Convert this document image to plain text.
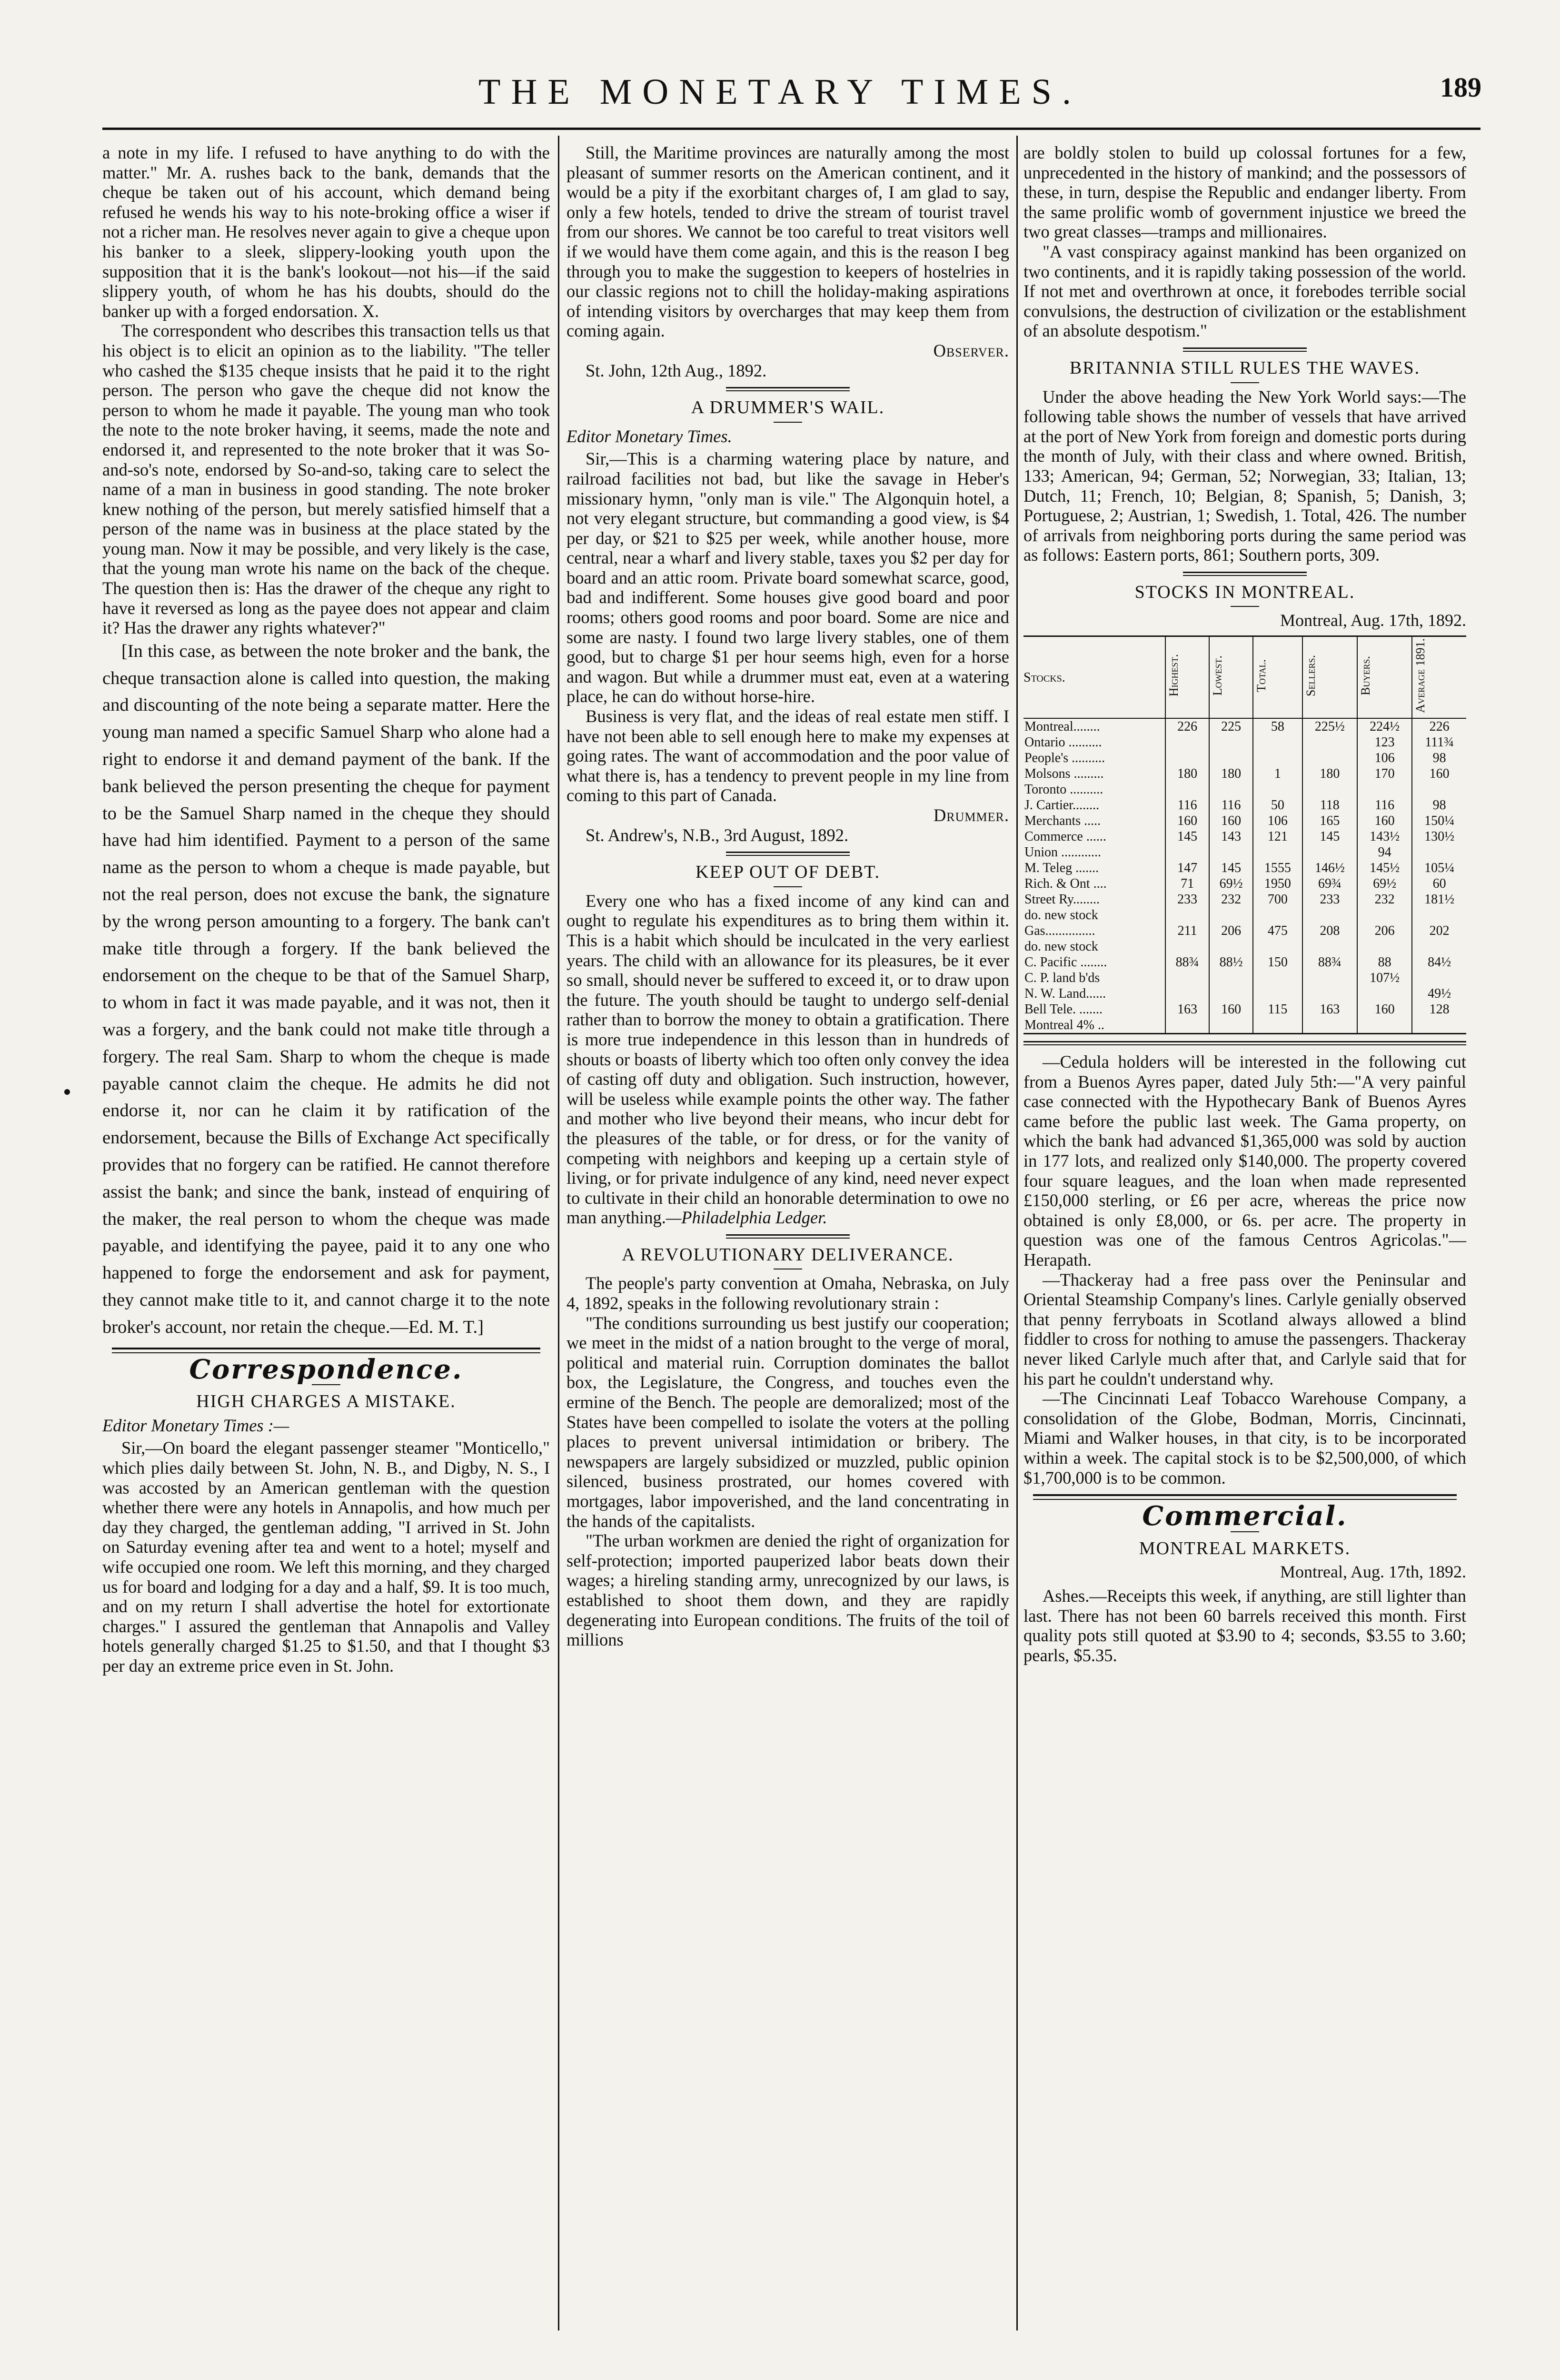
THE MONETARY TIMES.	189

a note in my life. I refused to have anything to do with the matter." Mr. A. rushes back to the bank, demands that the cheque be taken out of his account, which demand being refused he wends his way to his note-broking office a wiser if not a richer man. He resolves never again to give a cheque upon his banker to a sleek, slippery-looking youth upon the supposition that it is the bank's lookout—not his—if the said slippery youth, of whom he has his doubts, should do the banker up with a forged endorsation. X.

The correspondent who describes this transaction tells us that his object is to elicit an opinion as to the liability. "The teller who cashed the $135 cheque insists that he paid it to the right person. The person who gave the cheque did not know the person to whom he made it payable. The young man who took the note to the note broker having, it seems, made the note and endorsed it, and represented to the note broker that it was So-and-so's note, endorsed by So-and-so, taking care to select the name of a man in business in good standing. The note broker knew nothing of the person, but merely satisfied himself that a person of the name was in business at the place stated by the young man. Now it may be possible, and very likely is the case, that the young man wrote his name on the back of the cheque. The question then is: Has the drawer of the cheque any right to have it reversed as long as the payee does not appear and claim it? Has the drawer any rights whatever?"

[In this case, as between the note broker and the bank, the cheque transaction alone is called into question, the making and discounting of the note being a separate matter. Here the young man named a specific Samuel Sharp who alone had a right to endorse it and demand payment of the bank. If the bank believed the person presenting the cheque for payment to be the Samuel Sharp named in the cheque they should have had him identified. Payment to a person of the same name as the person to whom a cheque is made payable, but not the real person, does not excuse the bank, the signature by the wrong person amounting to a forgery. The bank can't make title through a forgery. If the bank believed the endorsement on the cheque to be that of the Samuel Sharp, to whom in fact it was made payable, and it was not, then it was a forgery, and the bank could not make title through a forgery. The real Sam. Sharp to whom the cheque is made payable cannot claim the cheque. He admits he did not endorse it, nor can he claim it by ratification of the endorsement, because the Bills of Exchange Act specifically provides that no forgery can be ratified. He cannot therefore assist the bank; and since the bank, instead of enquiring of the maker, the real person to whom the cheque was made payable, and identifying the payee, paid it to any one who happened to forge the endorsement and ask for payment, they cannot make title to it, and cannot charge it to the note broker's account, nor retain the cheque.—Ed. M. T.]

Correspondence.
HIGH CHARGES A MISTAKE.
Editor Monetary Times :—

Sir,—On board the elegant passenger steamer "Monticello," which plies daily between St. John, N. B., and Digby, N. S., I was accosted by an American gentleman with the question whether there were any hotels in Annapolis, and how much per day they charged, the gentleman adding, "I arrived in St. John on Saturday evening after tea and went to a hotel; myself and wife occupied one room. We left this morning, and they charged us for board and lodging for a day and a half, $9. It is too much, and on my return I shall advertise the hotel for extortionate charges." I assured the gentleman that Annapolis and Valley hotels generally charged $1.25 to $1.50, and that I thought $3 per day an extreme price even in St. John.

Still, the Maritime provinces are naturally among the most pleasant of summer resorts on the American continent, and it would be a pity if the exorbitant charges of, I am glad to say, only a few hotels, tended to drive the stream of tourist travel from our shores. We cannot be too careful to treat visitors well if we would have them come again, and this is the reason I beg through you to make the suggestion to keepers of hostelries in our classic regions not to chill the holiday-making aspirations of intending visitors by overcharges that may keep them from coming again.

Observer.

St. John, 12th Aug., 1892.

A DRUMMER'S WAIL.
Editor Monetary Times.

Sir,—This is a charming watering place by nature, and railroad facilities not bad, but like the savage in Heber's missionary hymn, "only man is vile." The Algonquin hotel, a not very elegant structure, but commanding a good view, is $4 per day, or $21 to $25 per week, while another house, more central, near a wharf and livery stable, taxes you $2 per day for board and an attic room. Private board somewhat scarce, good, bad and indifferent. Some houses give good board and poor rooms; others good rooms and poor board. Some are nice and some are nasty. I found two large livery stables, one of them good, but to charge $1 per hour seems high, even for a horse and wagon. But while a drummer must eat, even at a watering place, he can do without horse-hire.

Business is very flat, and the ideas of real estate men stiff. I have not been able to sell enough here to make my expenses at going rates. The want of accommodation and the poor value of what there is, has a tendency to prevent people in my line from coming to this part of Canada.

Drummer.

St. Andrew's, N.B., 3rd August, 1892.

KEEP OUT OF DEBT.

Every one who has a fixed income of any kind can and ought to regulate his expenditures as to bring them within it. This is a habit which should be inculcated in the very earliest years. The child with an allowance for its pleasures, be it ever so small, should never be suffered to exceed it, or to draw upon the future. The youth should be taught to undergo self-denial rather than to borrow the money to obtain a gratification. There is more true independence in this lesson than in hundreds of shouts or boasts of liberty which too often only convey the idea of casting off duty and obligation. Such instruction, however, will be useless while example points the other way. The father and mother who live beyond their means, who incur debt for the pleasures of the table, or for dress, or for the vanity of competing with neighbors and keeping up a certain style of living, or for private indulgence of any kind, need never expect to cultivate in their child an honorable determination to owe no man anything.—Philadelphia Ledger.

A REVOLUTIONARY DELIVERANCE.

The people's party convention at Omaha, Nebraska, on July 4, 1892, speaks in the following revolutionary strain :

"The conditions surrounding us best justify our cooperation; we meet in the midst of a nation brought to the verge of moral, political and material ruin. Corruption dominates the ballot box, the Legislature, the Congress, and touches even the ermine of the Bench. The people are demoralized; most of the States have been compelled to isolate the voters at the polling places to prevent universal intimidation or bribery. The newspapers are largely subsidized or muzzled, public opinion silenced, business prostrated, our homes covered with mortgages, labor impoverished, and the land concentrating in the hands of the capitalists.

"The urban workmen are denied the right of organization for self-protection; imported pauperized labor beats down their wages; a hireling standing army, unrecognized by our laws, is established to shoot them down, and they are rapidly degenerating into European conditions. The fruits of the toil of millions

are boldly stolen to build up colossal fortunes for a few, unprecedented in the history of mankind; and the possessors of these, in turn, despise the Republic and endanger liberty. From the same prolific womb of government injustice we breed the two great classes—tramps and millionaires.

"A vast conspiracy against mankind has been organized on two continents, and it is rapidly taking possession of the world. If not met and overthrown at once, it forebodes terrible social convulsions, the destruction of civilization or the establishment of an absolute despotism."

BRITANNIA STILL RULES THE WAVES.

Under the above heading the New York World says:—The following table shows the number of vessels that have arrived at the port of New York from foreign and domestic ports during the month of July, with their class and where owned. British, 133; American, 94; German, 52; Norwegian, 33; Italian, 13; Dutch, 11; French, 10; Belgian, 8; Spanish, 5; Danish, 3; Portuguese, 2; Austrian, 1; Swedish, 1. Total, 426. The number of arrivals from neighboring ports during the same period was as follows: Eastern ports, 861; Southern ports, 309.

STOCKS IN MONTREAL.
Montreal, Aug. 17th, 1892.
Stocks.	Highest.	Lowest.	Total.	Sellers.	Buyers.	Average 1891.
Montreal........	226	225	58	225½	224½	226
Ontario ..........					123	111¾
People's ..........					106	98
Molsons .........	180	180	1	180	170	160
Toronto ..........						
J. Cartier........	116	116	50	118	116	98
Merchants .....	160	160	106	165	160	150¼
Commerce ......	145	143	121	145	143½	130½
Union ............					94	
M. Teleg .......	147	145	1555	146½	145½	105¼
Rich. & Ont ....	71	69½	1950	69¾	69½	60
Street Ry........	233	232	700	233	232	181½
do. new stock						
Gas...............	211	206	475	208	206	202
do. new stock						
C. Pacific ........	88¾	88½	150	88¾	88	84½
C. P. land b'ds					107½	
N. W. Land......						49½
Bell Tele. .......	163	160	115	163	160	128
Montreal 4% ..						

—Cedula holders will be interested in the following cut from a Buenos Ayres paper, dated July 5th:—"A very painful case connected with the Hypothecary Bank of Buenos Ayres came before the public last week. The Gama property, on which the bank had advanced $1,365,000 was sold by auction in 177 lots, and realized only $140,000. The property covered four square leagues, and the loan when made represented £150,000 sterling, or £6 per acre, whereas the price now obtained is only £8,000, or 6s. per acre. The property in question was one of the famous Centros Agricolas."—Herapath.

—Thackeray had a free pass over the Peninsular and Oriental Steamship Company's lines. Carlyle genially observed that penny ferryboats in Scotland always allowed a blind fiddler to cross for nothing to amuse the passengers. Thackeray never liked Carlyle much after that, and Carlyle said that for his part he couldn't understand why.

—The Cincinnati Leaf Tobacco Warehouse Company, a consolidation of the Globe, Bodman, Morris, Cincinnati, Miami and Walker houses, in that city, is to be incorporated within a week. The capital stock is to be $2,500,000, of which $1,700,000 is to be common.

Commercial.
MONTREAL MARKETS.
Montreal, Aug. 17th, 1892.

Ashes.—Receipts this week, if anything, are still lighter than last. There has not been 60 barrels received this month. First quality pots still quoted at $3.90 to 4; seconds, $3.55 to 3.60; pearls, $5.35.
